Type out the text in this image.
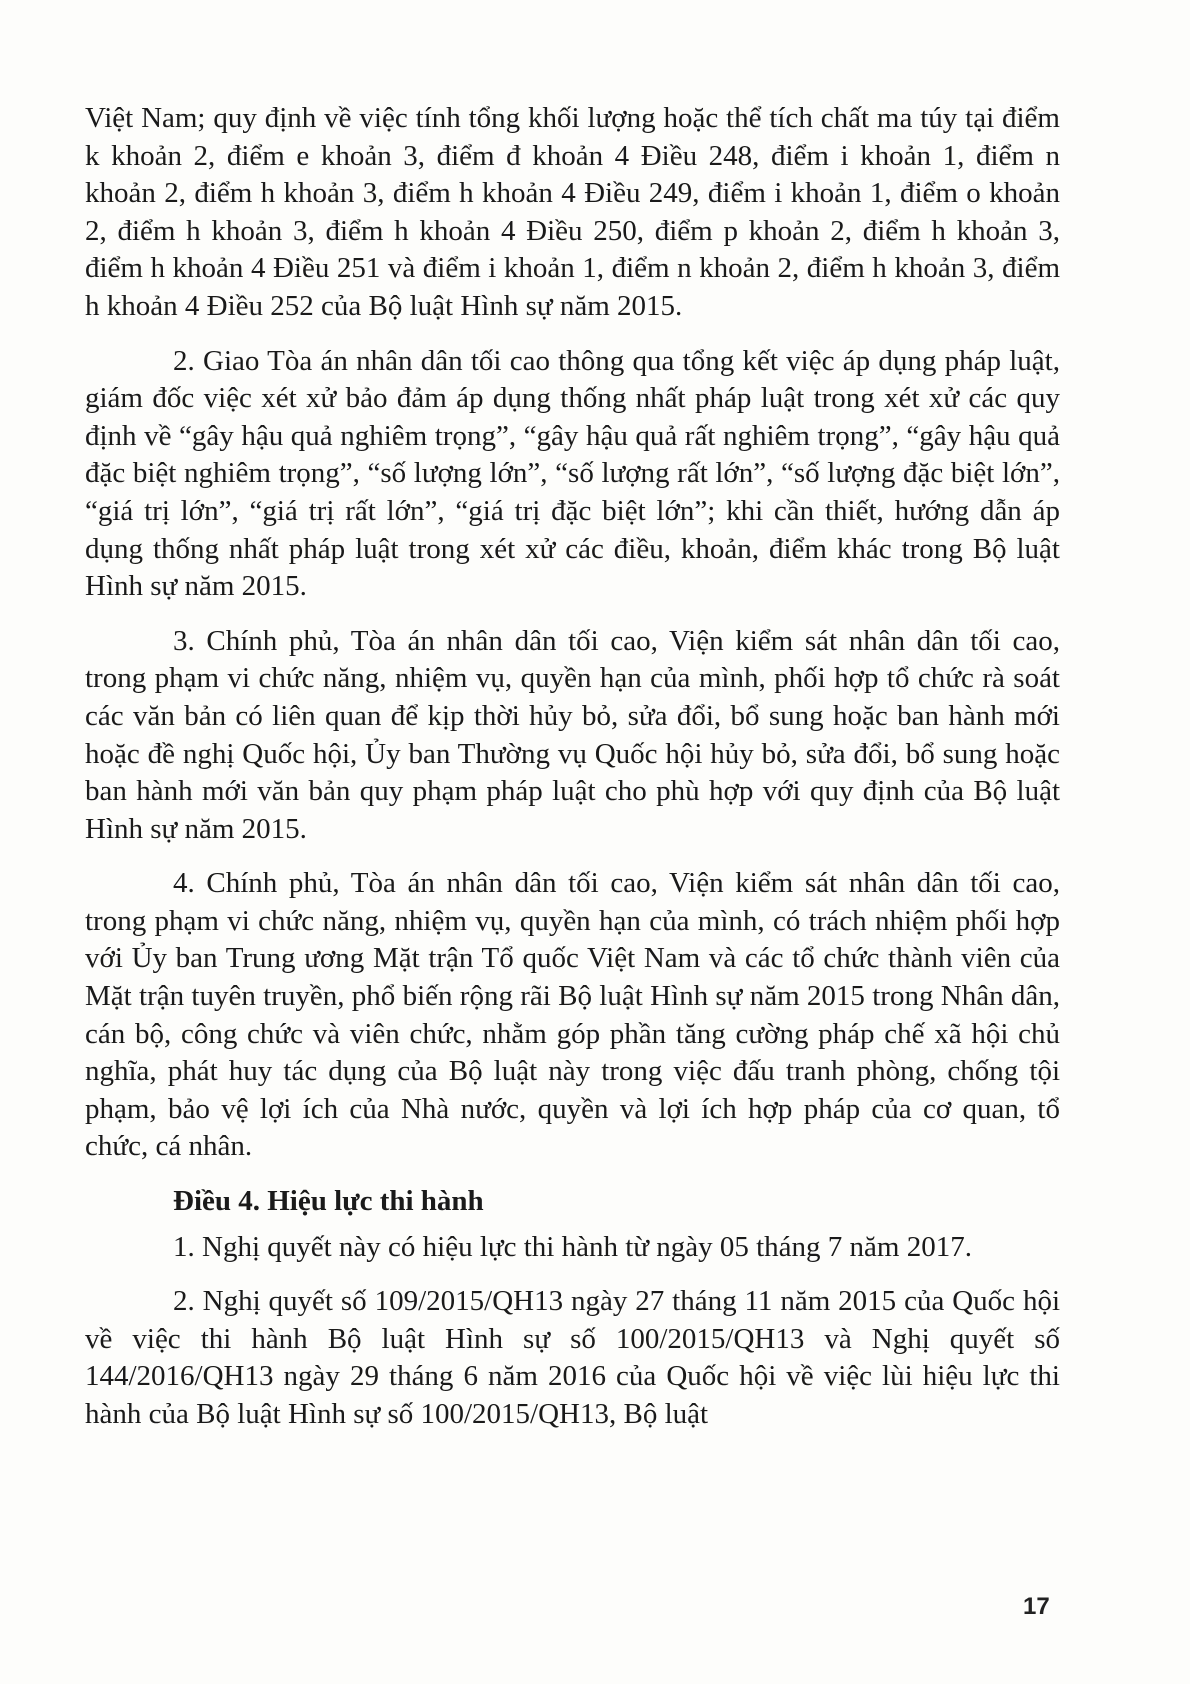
Việt Nam; quy định về việc tính tổng khối lượng hoặc thể tích chất ma túy tại điểm k khoản 2, điểm e khoản 3, điểm đ khoản 4 Điều 248, điểm i khoản 1, điểm n khoản 2, điểm h khoản 3, điểm h khoản 4 Điều 249, điểm i khoản 1, điểm o khoản 2, điểm h khoản 3, điểm h khoản 4 Điều 250, điểm p khoản 2, điểm h khoản 3, điểm h khoản 4 Điều 251 và điểm i khoản 1, điểm n khoản 2, điểm h khoản 3, điểm h khoản 4 Điều 252 của Bộ luật Hình sự năm 2015.

2. Giao Tòa án nhân dân tối cao thông qua tổng kết việc áp dụng pháp luật, giám đốc việc xét xử bảo đảm áp dụng thống nhất pháp luật trong xét xử các quy định về “gây hậu quả nghiêm trọng”, “gây hậu quả rất nghiêm trọng”, “gây hậu quả đặc biệt nghiêm trọng”, “số lượng lớn”, “số lượng rất lớn”, “số lượng đặc biệt lớn”, “giá trị lớn”, “giá trị rất lớn”, “giá trị đặc biệt lớn”; khi cần thiết, hướng dẫn áp dụng thống nhất pháp luật trong xét xử các điều, khoản, điểm khác trong Bộ luật Hình sự năm 2015.

3. Chính phủ, Tòa án nhân dân tối cao, Viện kiểm sát nhân dân tối cao, trong phạm vi chức năng, nhiệm vụ, quyền hạn của mình, phối hợp tổ chức rà soát các văn bản có liên quan để kịp thời hủy bỏ, sửa đổi, bổ sung hoặc ban hành mới hoặc đề nghị Quốc hội, Ủy ban Thường vụ Quốc hội hủy bỏ, sửa đổi, bổ sung hoặc ban hành mới văn bản quy phạm pháp luật cho phù hợp với quy định của Bộ luật Hình sự năm 2015.

4. Chính phủ, Tòa án nhân dân tối cao, Viện kiểm sát nhân dân tối cao, trong phạm vi chức năng, nhiệm vụ, quyền hạn của mình, có trách nhiệm phối hợp với Ủy ban Trung ương Mặt trận Tổ quốc Việt Nam và các tổ chức thành viên của Mặt trận tuyên truyền, phổ biến rộng rãi Bộ luật Hình sự năm 2015 trong Nhân dân, cán bộ, công chức và viên chức, nhằm góp phần tăng cường pháp chế xã hội chủ nghĩa, phát huy tác dụng của Bộ luật này trong việc đấu tranh phòng, chống tội phạm, bảo vệ lợi ích của Nhà nước, quyền và lợi ích hợp pháp của cơ quan, tổ chức, cá nhân.

Điều 4. Hiệu lực thi hành

1. Nghị quyết này có hiệu lực thi hành từ ngày 05 tháng 7 năm 2017.

2. Nghị quyết số 109/2015/QH13 ngày 27 tháng 11 năm 2015 của Quốc hội về việc thi hành Bộ luật Hình sự số 100/2015/QH13 và Nghị quyết số 144/2016/QH13 ngày 29 tháng 6 năm 2016 của Quốc hội về việc lùi hiệu lực thi hành của Bộ luật Hình sự số 100/2015/QH13, Bộ luật

17
